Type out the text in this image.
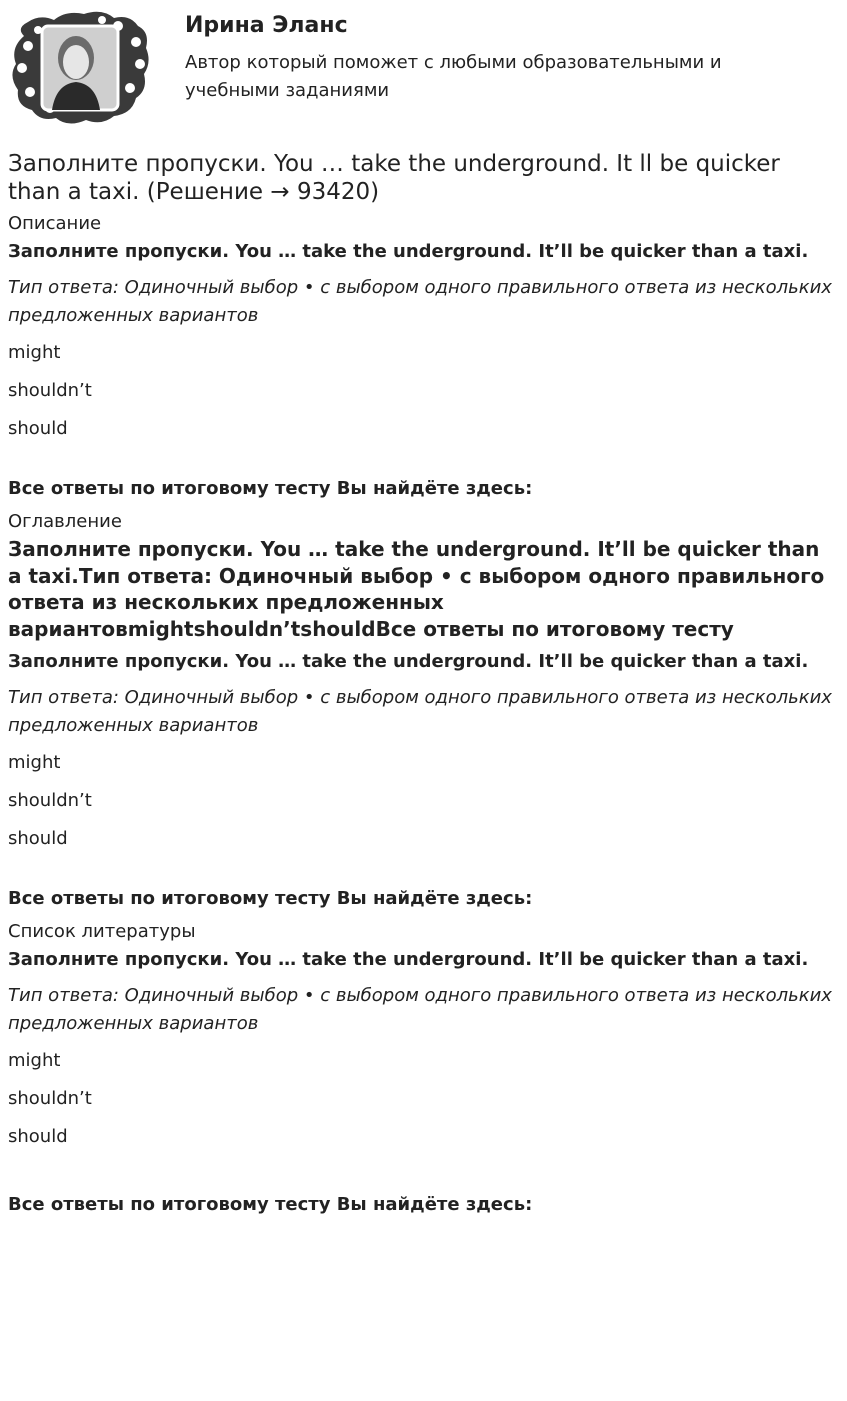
Ирина Эланс

Автор который поможет с любыми образовательными и учебными заданиями

Заполните пропуски. You … take the underground. It ll be quicker than a taxi. (Решение → 93420)
Описание

Заполните пропуски. You … take the underground. It’ll be quicker than a taxi.

Тип ответа: Одиночный выбор • с выбором одного правильного ответа из нескольких предложенных вариантов

might

shouldn’t

should

Все ответы по итоговому тесту Вы найдёте здесь:

Оглавление

Заполните пропуски. You … take the underground. It’ll be quicker than a taxi.Тип ответа: Одиночный выбор • с выбором одного правильного ответа из нескольких предложенных вариантовmightshouldn’tshouldВсе ответы по итоговому тесту

Заполните пропуски. You … take the underground. It’ll be quicker than a taxi.

Тип ответа: Одиночный выбор • с выбором одного правильного ответа из нескольких предложенных вариантов

might

shouldn’t

should

Все ответы по итоговому тесту Вы найдёте здесь:

Список литературы

Заполните пропуски. You … take the underground. It’ll be quicker than a taxi.

Тип ответа: Одиночный выбор • с выбором одного правильного ответа из нескольких предложенных вариантов

might

shouldn’t

should

Все ответы по итоговому тесту Вы найдёте здесь:
